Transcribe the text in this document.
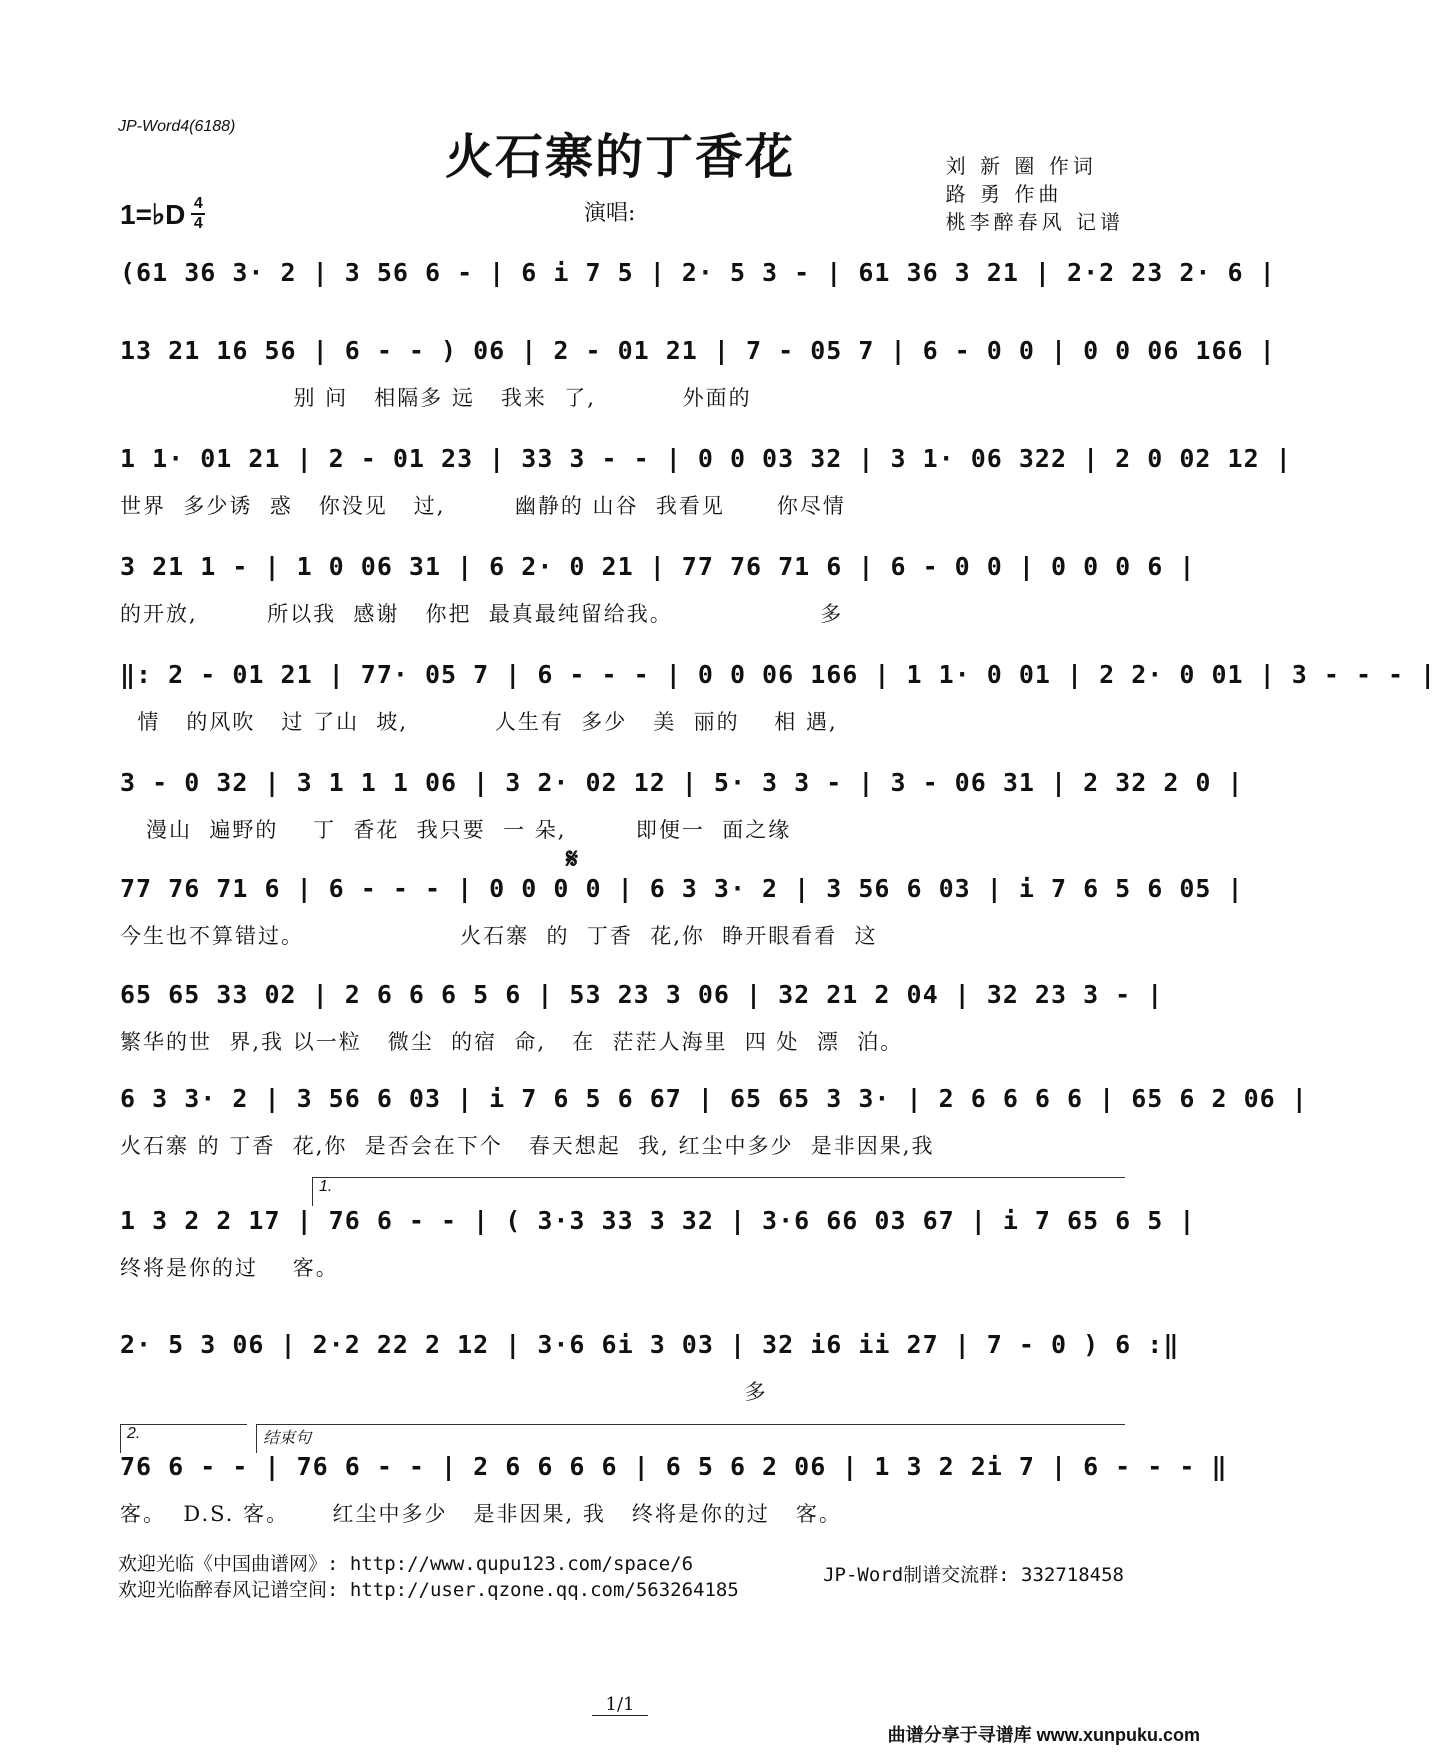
JP-Word4(6188)
火石寨的丁香花	刘 新 圈 作词
路 勇 作曲
桃李醉春风 记谱
1=♭D $\frac{4}{4}$	演唱:
(61 36 3· 2 | 3 56 6 - | 6 i 7 5 | 2· 5 3 - | 61 36 3 21 | 2·2 23 2· 6 |
13 21 16 56 | 6 - - ) 06 | 2 - 01 21 | 7 - 05 7 | 6 - 0 0 | 0 0 06 166 |
别 问   相隔多 远   我来  了,          外面的
1 1· 01 21 | 2 - 01 23 | 33 3 - - | 0 0 03 32 | 3 1· 06 322 | 2 0 02 12 |
世界  多少诱  惑   你没见   过,        幽静的 山谷  我看见      你尽情
3 21 1 - | 1 0 06 31 | 6 2· 0 21 | 77 76 71 6 | 6 - 0 0 | 0 0 0 6 |
的开放,        所以我  感谢   你把  最真最纯留给我。                 多
‖: 2 - 01 21 | 77· 05 7 | 6 - - - | 0 0 06 166 | 1 1· 0 01 | 2 2· 0 01 | 3 - - - |
情   的风吹   过 了山  坡,          人生有  多少   美  丽的    相 遇,
3 - 0 32 | 3 1 1 1 06 | 3 2· 02 12 | 5· 3 3 - | 3 - 06 31 | 2 32 2 0 |
漫山  遍野的    丁  香花  我只要  一 朵,        即便一  面之缘
𝄋
77 76 71 6 | 6 - - - | 0 0 0 0 | 6 3 3· 2 | 3 56 6 03 | i 7 6 5 6 05 |
今生也不算错过。                  火石寨  的  丁香  花,你  睁开眼看看  这
65 65 33 02 | 2 6 6 6 5 6 | 53 23 3 06 | 32 21 2 04 | 32 23 3 - |
繁华的世  界,我 以一粒   微尘  的宿  命,   在  茫茫人海里  四 处  漂  泊。
6 3 3· 2 | 3 56 6 03 | i 7 6 5 6 67 | 65 65 3 3· | 2 6 6 6 6 | 65 6 2 06 |
火石寨 的 丁香  花,你  是否会在下个   春天想起  我, 红尘中多少  是非因果,我
1.
1 3 2 2 17 | 76 6 - - | ( 3·3 33 3 32 | 3·6 66 03 67 | i 7 65 6 5 |
终将是你的过    客。
2· 5 3 06 | 2·2 22 2 12 | 3·6 6i 3 03 | 32 i6 ii 27 | 7 - 0 ) 6 :‖
多
2.	结束句
76 6 - - | 76 6 - - | 2 6 6 6 6 | 6 5 6 2 06 | 1 3 2 2i 7 | 6 - - - ‖
客。  D.S. 客。     红尘中多少   是非因果, 我   终将是你的过   客。
欢迎光临《中国曲谱网》: http://www.qupu123.com/space/6
欢迎光临醉春风记谱空间: http://user.qzone.qq.com/563264185
JP-Word制谱交流群: 332718458
1/1
曲谱分享于寻谱库 www.xunpuku.com
